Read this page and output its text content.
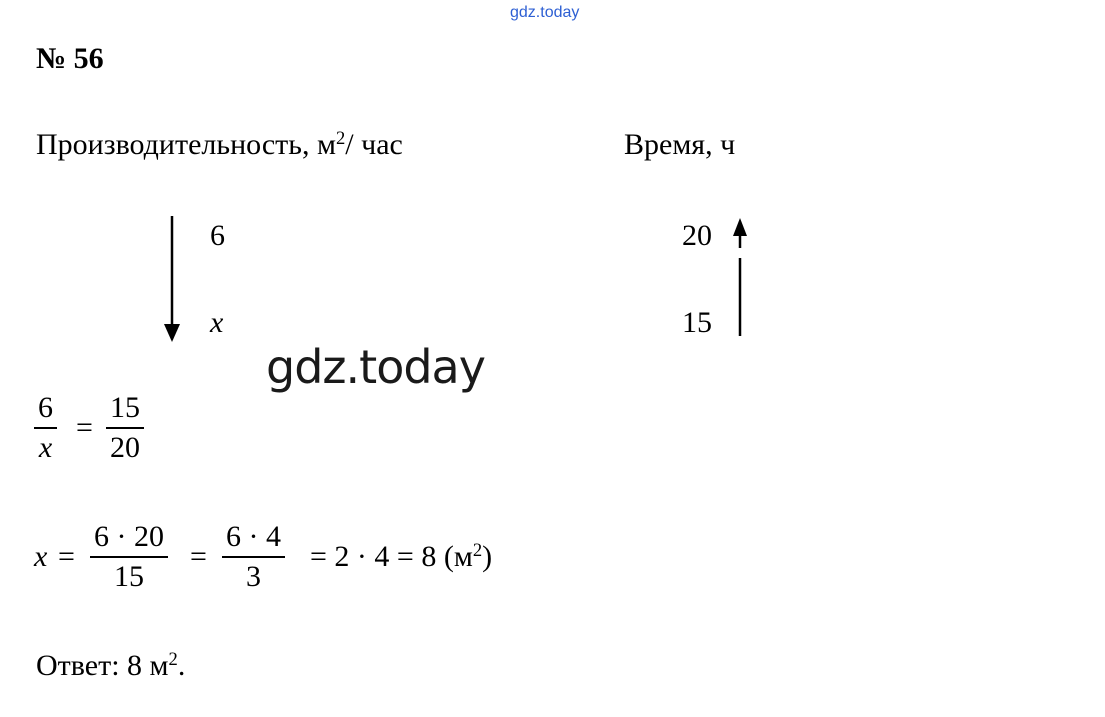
gdz.today
gdz.today
№ 56
Производительность, $м^2/$ час	Время, ч
6
x
20
15
$\frac{6}{x} = \frac{15}{20}$
$x = \frac{6 \cdot 20}{15} = \frac{6 \cdot 4}{3} = 2 \cdot 4 = 8$ $(м^2)$
Ответ: 8 $м^2$.
